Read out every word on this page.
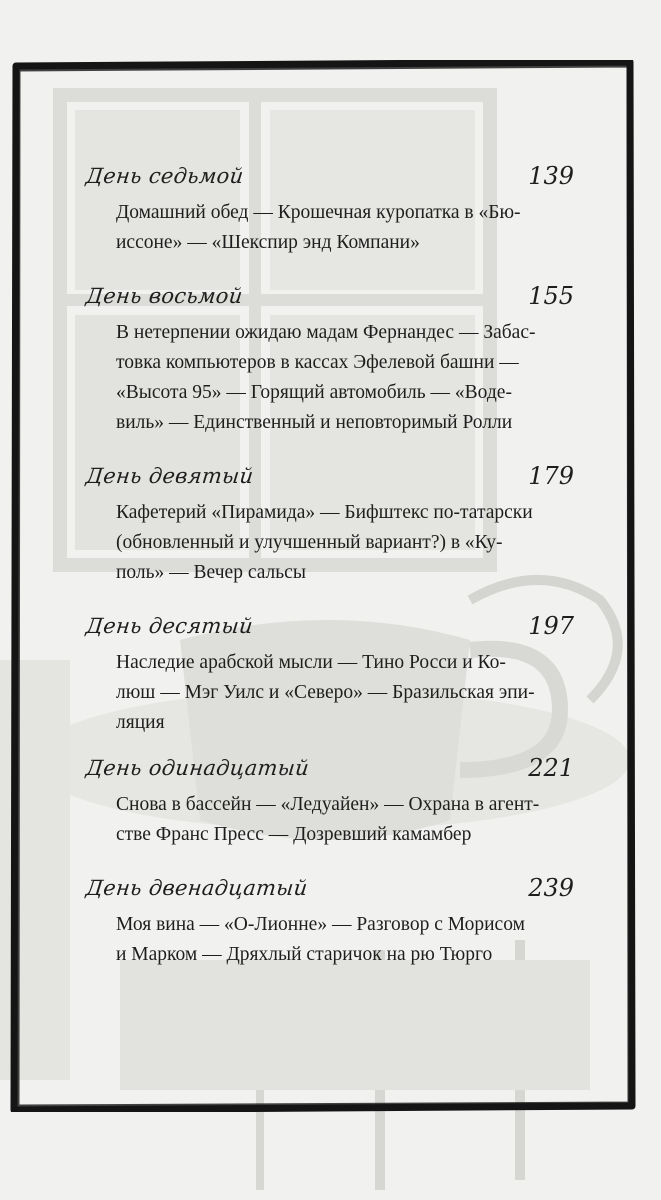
День седьмой	139

Домашний обед — Крошечная куропатка в «Бю-
иссоне» — «Шекспир энд Компани»

День восьмой	155

В нетерпении ожидаю мадам Фернандес — Забас-
товка компьютеров в кассах Эфелевой башни —
«Высота 95» — Горящий автомобиль — «Водe-
виль» — Единственный и неповторимый Ролли

День девятый	179

Кафетерий «Пирамида» — Бифштекс по-татарски
(обновленный и улучшенный вариант?) в «Ку-
поль» — Вечер сальсы

День десятый	197

Наследие арабской мысли — Тино Росси и Ко-
люш — Мэг Уилс и «Северо» — Бразильская эпи-
ляция

День одинадцатый	221

Снова в бассейн — «Ледуайен» — Охрана в агент-
стве Франс Пресс — Дозревший камамбер

День двенадцатый	239

Моя вина — «О-Лионне» — Разговор с Морисом
и Марком — Дряхлый старичок на рю Тюрго
